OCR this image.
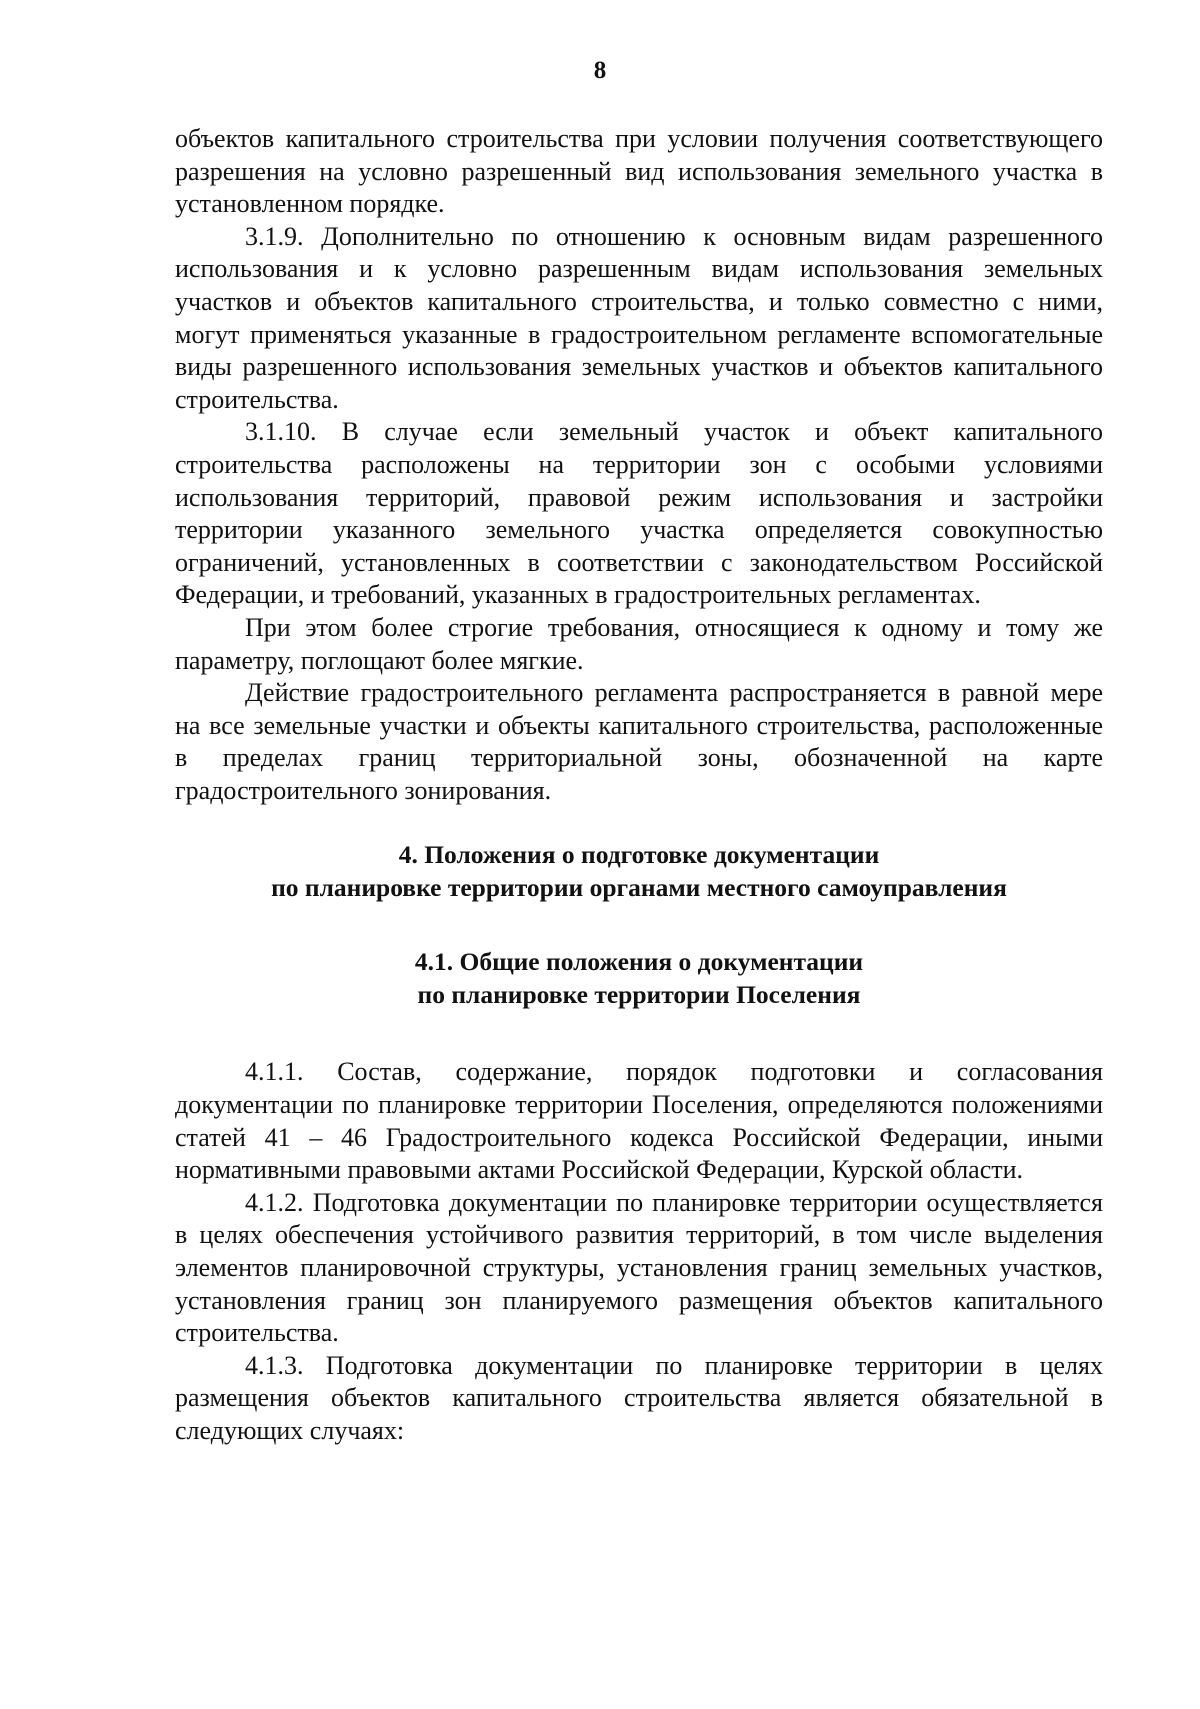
8

объектов капитального строительства при условии получения соответствующего разрешения на условно разрешенный вид использования земельного участка в установленном порядке.

3.1.9. Дополнительно по отношению к основным видам разрешенного использования и к условно разрешенным видам использования земельных участков и объектов капитального строительства, и только совместно с ними, могут применяться указанные в градостроительном регламенте вспомогательные виды разрешенного использования земельных участков и объектов капитального строительства.

3.1.10. В случае если земельный участок и объект капитального строительства расположены на территории зон с особыми условиями использования территорий, правовой режим использования и застройки территории указанного земельного участка определяется совокупностью ограничений, установленных в соответствии с законодательством Российской Федерации, и требований, указанных в градостроительных регламентах.

При этом более строгие требования, относящиеся к одному и тому же параметру, поглощают более мягкие.

Действие градостроительного регламента распространяется в равной мере на все земельные участки и объекты капитального строительства, расположенные в пределах границ территориальной зоны, обозначенной на карте градостроительного зонирования.

4. Положения о подготовке документации
по планировке территории органами местного самоуправления
4.1. Общие положения о документации
по планировке территории Поселения

4.1.1. Состав, содержание, порядок подготовки и согласования документации по планировке территории Поселения, определяются положениями статей 41 – 46 Градостроительного кодекса Российской Федерации, иными нормативными правовыми актами Российской Федерации, Курской области.

4.1.2. Подготовка документации по планировке территории осуществляется в целях обеспечения устойчивого развития территорий, в том числе выделения элементов планировочной структуры, установления границ земельных участков, установления границ зон планируемого размещения объектов капитального строительства.

4.1.3. Подготовка документации по планировке территории в целях размещения объектов капитального строительства является обязательной в следующих случаях:
